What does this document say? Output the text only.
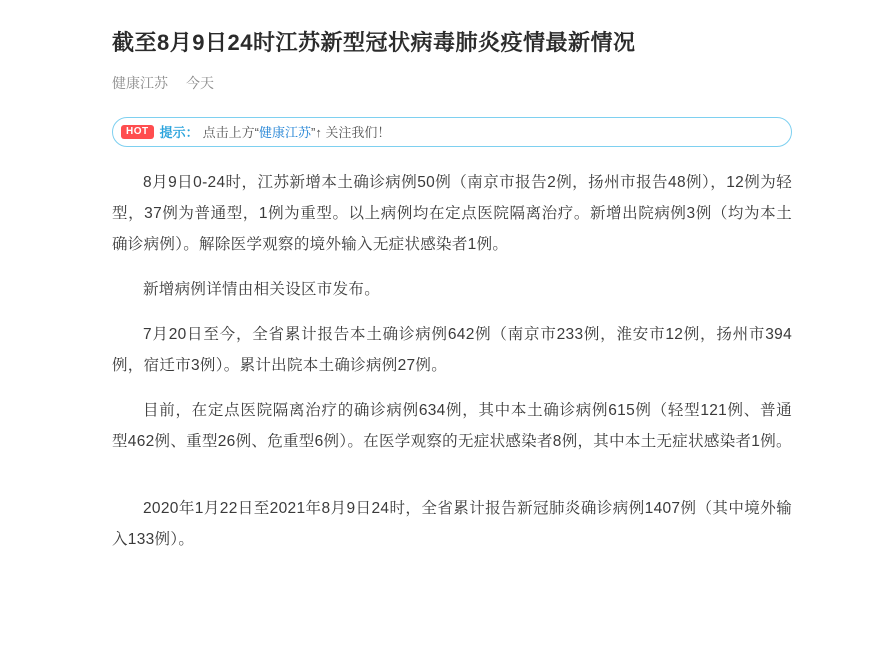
截至8月9日24时江苏新型冠状病毒肺炎疫情最新情况
健康江苏 今天
HOT 提示： 点击上方“健康江苏”↑ 关注我们！

8月9日0-24时，江苏新增本土确诊病例50例（南京市报告2例，扬州市报告48例），12例为轻型，37例为普通型，1例为重型。以上病例均在定点医院隔离治疗。新增出院病例3例（均为本土确诊病例）。解除医学观察的境外输入无症状感染者1例。

新增病例详情由相关设区市发布。

7月20日至今，全省累计报告本土确诊病例642例（南京市233例，淮安市12例，扬州市394例，宿迁市3例）。累计出院本土确诊病例27例。

目前，在定点医院隔离治疗的确诊病例634例，其中本土确诊病例615例（轻型121例、普通型462例、重型26例、危重型6例）。在医学观察的无症状感染者8例，其中本土无症状感染者1例。

2020年1月22日至2021年8月9日24时，全省累计报告新冠肺炎确诊病例1407例（其中境外输入133例）。
